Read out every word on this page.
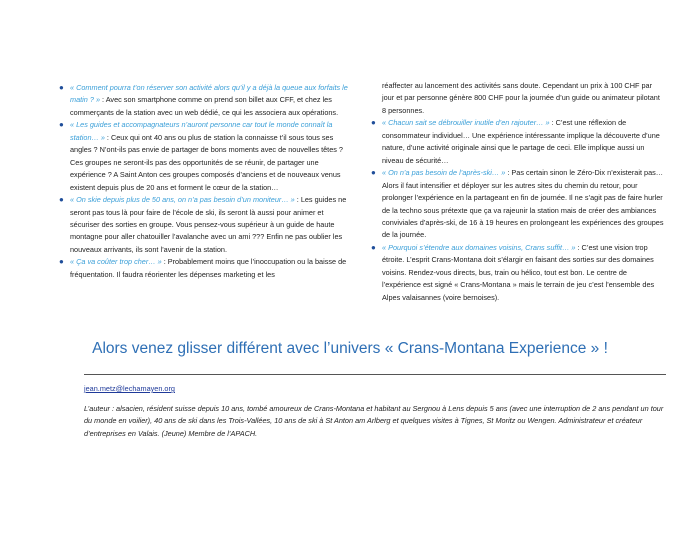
● « Comment pourra t’on réserver son activité alors qu’il y a déjà la queue aux forfaits le matin ? » : Avec son smartphone comme on prend son billet aux CFF, et chez les commerçants de la station avec un web dédié, ce qui les associera aux opérations.
● « Les guides et accompagnateurs n’auront personne car tout le monde connaît la station… » : Ceux qui ont 40 ans ou plus de station la connaisse t’il sous tous ses angles ? N’ont-ils pas envie de partager de bons moments avec de nouvelles têtes ? Ces groupes ne seront-ils pas des opportunités de se réunir, de partager une expérience ? A Saint Anton ces groupes composés d’anciens et de nouveaux venus existent depuis plus de 20 ans et forment le cœur de la station…
● « On skie depuis plus de 50 ans, on n’a pas besoin d’un moniteur… » : Les guides ne seront pas tous là pour faire de l’école de ski, ils seront là aussi pour animer et sécuriser des sorties en groupe. Vous pensez-vous supérieur à un guide de haute montagne pour aller chatouiller l’avalanche avec un ami ??? Enfin ne pas oublier les nouveaux arrivants, ils sont l’avenir de la station.
● « Ça va coûter trop cher… » : Probablement moins que l’inoccupation ou la baisse de fréquentation. Il faudra réorienter les dépenses marketing et les
réaffecter au lancement des activités sans doute. Cependant un prix à 100 CHF par jour et par personne génère 800 CHF pour la journée d’un guide ou animateur pilotant 8 personnes.
● « Chacun sait se débrouiller inutile d’en rajouter… » : C’est une réflexion de consommateur individuel… Une expérience intéressante implique la découverte d’une nature, d’une activité originale ainsi que le partage de ceci. Elle implique aussi un niveau de sécurité…
● « On n’a pas besoin de l’après-ski… » : Pas certain sinon le Zéro-Dix n’existerait pas… Alors il faut intensifier et déployer sur les autres sites du chemin du retour, pour prolonger l’expérience en la partageant en fin de journée. Il ne s’agit pas de faire hurler de la techno sous prétexte que ça va rajeunir la station mais de créer des ambiances conviviales d’après-ski, de 16 à 19 heures en prolongeant les expériences des groupes de la journée.
● « Pourquoi s’étendre aux domaines voisins, Crans suffit… » : C’est une vision trop étroite. L’esprit Crans-Montana doit s’élargir en faisant des sorties sur des domaines voisins. Rendez-vous directs, bus, train ou hélico, tout est bon. Le centre de l’expérience est signé « Crans-Montana » mais le terrain de jeu c’est l’ensemble des Alpes valaisannes (voire bernoises).
Alors venez glisser différent avec l’univers « Crans-Montana Experience » !
jean.metz@lechamayen.org
L’auteur : alsacien, résident suisse depuis 10 ans, tombé amoureux de Crans-Montana et habitant au Sergnou à Lens depuis 5 ans (avec une interruption de 2 ans pendant un tour du monde en voilier), 40 ans de ski dans les Trois-Vallées, 10 ans de ski à St Anton am Arlberg et quelques visites à Tignes, St Moritz ou Wengen. Administrateur et créateur d’entreprises en Valais. (Jeune) Membre de l’APACH.
